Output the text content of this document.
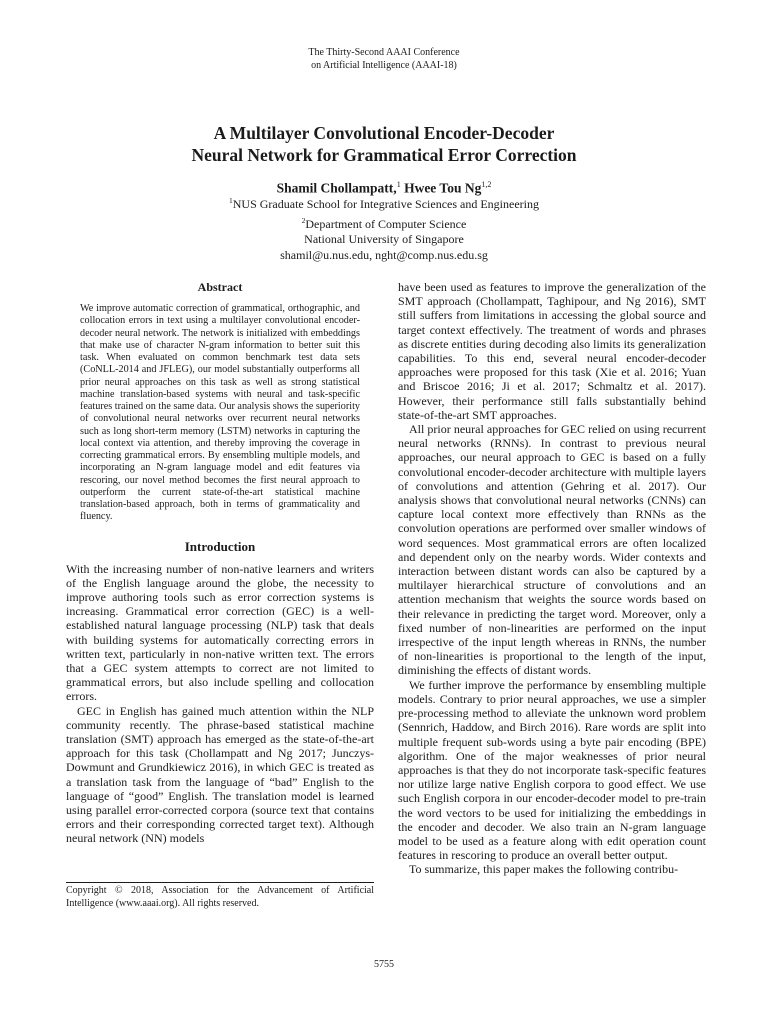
The Thirty-Second AAAI Conference
on Artificial Intelligence (AAAI-18)
A Multilayer Convolutional Encoder-Decoder
Neural Network for Grammatical Error Correction
Shamil Chollampatt,$^1$ Hwee Tou Ng$^{1,2}$
$^1$NUS Graduate School for Integrative Sciences and Engineering
$^2$Department of Computer Science
National University of Singapore
shamil@u.nus.edu, nght@comp.nus.edu.sg
Abstract

We improve automatic correction of grammatical, orthographic, and collocation errors in text using a multilayer convolutional encoder-decoder neural network. The network is initialized with embeddings that make use of character N-gram information to better suit this task. When evaluated on common benchmark test data sets (CoNLL-2014 and JFLEG), our model substantially outperforms all prior neural approaches on this task as well as strong statistical machine translation-based systems with neural and task-specific features trained on the same data. Our analysis shows the superiority of convolutional neural networks over recurrent neural networks such as long short-term memory (LSTM) networks in capturing the local context via attention, and thereby improving the coverage in correcting grammatical errors. By ensembling multiple models, and incorporating an N-gram language model and edit features via rescoring, our novel method becomes the first neural approach to outperform the current state-of-the-art statistical machine translation-based approach, both in terms of grammaticality and fluency.

Introduction

With the increasing number of non-native learners and writers of the English language around the globe, the necessity to improve authoring tools such as error correction systems is increasing. Grammatical error correction (GEC) is a well-established natural language processing (NLP) task that deals with building systems for automatically correcting errors in written text, particularly in non-native written text. The errors that a GEC system attempts to correct are not limited to grammatical errors, but also include spelling and collocation errors.

GEC in English has gained much attention within the NLP community recently. The phrase-based statistical machine translation (SMT) approach has emerged as the state-of-the-art approach for this task (Chollampatt and Ng 2017; Junczys-Dowmunt and Grundkiewicz 2016), in which GEC is treated as a translation task from the language of “bad” English to the language of “good” English. The translation model is learned using parallel error-corrected corpora (source text that contains errors and their corresponding corrected target text). Although neural network (NN) models

have been used as features to improve the generalization of the SMT approach (Chollampatt, Taghipour, and Ng 2016), SMT still suffers from limitations in accessing the global source and target context effectively. The treatment of words and phrases as discrete entities during decoding also limits its generalization capabilities. To this end, several neural encoder-decoder approaches were proposed for this task (Xie et al. 2016; Yuan and Briscoe 2016; Ji et al. 2017; Schmaltz et al. 2017). However, their performance still falls substantially behind state-of-the-art SMT approaches.

All prior neural approaches for GEC relied on using recurrent neural networks (RNNs). In contrast to previous neural approaches, our neural approach to GEC is based on a fully convolutional encoder-decoder architecture with multiple layers of convolutions and attention (Gehring et al. 2017). Our analysis shows that convolutional neural networks (CNNs) can capture local context more effectively than RNNs as the convolution operations are performed over smaller windows of word sequences. Most grammatical errors are often localized and dependent only on the nearby words. Wider contexts and interaction between distant words can also be captured by a multilayer hierarchical structure of convolutions and an attention mechanism that weights the source words based on their relevance in predicting the target word. Moreover, only a fixed number of non-linearities are performed on the input irrespective of the input length whereas in RNNs, the number of non-linearities is proportional to the length of the input, diminishing the effects of distant words.

We further improve the performance by ensembling multiple models. Contrary to prior neural approaches, we use a simpler pre-processing method to alleviate the unknown word problem (Sennrich, Haddow, and Birch 2016). Rare words are split into multiple frequent sub-words using a byte pair encoding (BPE) algorithm. One of the major weaknesses of prior neural approaches is that they do not incorporate task-specific features nor utilize large native English corpora to good effect. We use such English corpora in our encoder-decoder model to pre-train the word vectors to be used for initializing the embeddings in the encoder and decoder. We also train an N-gram language model to be used as a feature along with edit operation count features in rescoring to produce an overall better output.

To summarize, this paper makes the following contribu-

Copyright © 2018, Association for the Advancement of Artificial Intelligence (www.aaai.org). All rights reserved.
5755
